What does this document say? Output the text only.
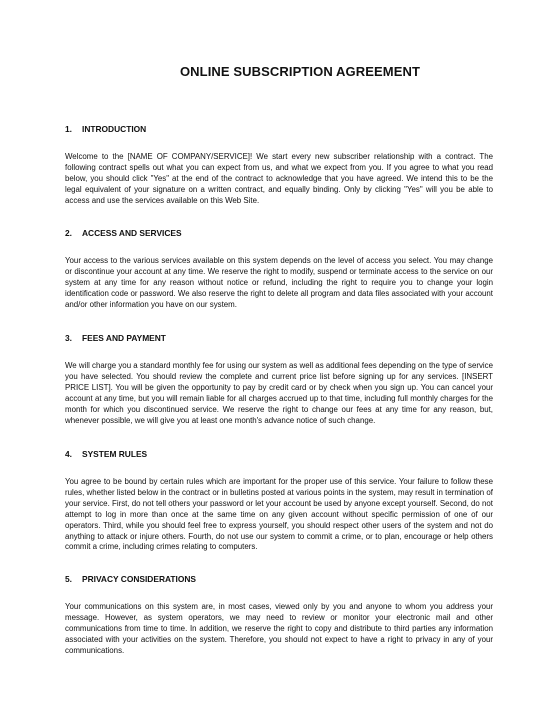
ONLINE SUBSCRIPTION AGREEMENT
1. INTRODUCTION

Welcome to the [NAME OF COMPANY/SERVICE]! We start every new subscriber relationship with a contract. The following contract spells out what you can expect from us, and what we expect from you. If you agree to what you read below, you should click "Yes" at the end of the contract to acknowledge that you have agreed. We intend this to be the legal equivalent of your signature on a written contract, and equally binding. Only by clicking "Yes" will you be able to access and use the services available on this Web Site.

2. ACCESS AND SERVICES

Your access to the various services available on this system depends on the level of access you select. You may change or discontinue your account at any time. We reserve the right to modify, suspend or terminate access to the service on our system at any time for any reason without notice or refund, including the right to require you to change your login identification code or password. We also reserve the right to delete all program and data files associated with your account and/or other information you have on our system.

3. FEES AND PAYMENT

We will charge you a standard monthly fee for using our system as well as additional fees depending on the type of service you have selected. You should review the complete and current price list before signing up for any services. [INSERT PRICE LIST]. You will be given the opportunity to pay by credit card or by check when you sign up. You can cancel your account at any time, but you will remain liable for all charges accrued up to that time, including full monthly charges for the month for which you discontinued service. We reserve the right to change our fees at any time for any reason, but, whenever possible, we will give you at least one month's advance notice of such change.

4. SYSTEM RULES

You agree to be bound by certain rules which are important for the proper use of this service. Your failure to follow these rules, whether listed below in the contract or in bulletins posted at various points in the system, may result in termination of your service. First, do not tell others your password or let your account be used by anyone except yourself. Second, do not attempt to log in more than once at the same time on any given account without specific permission of one of our operators. Third, while you should feel free to express yourself, you should respect other users of the system and not do anything to attack or injure others. Fourth, do not use our system to commit a crime, or to plan, encourage or help others commit a crime, including crimes relating to computers.

5. PRIVACY CONSIDERATIONS

Your communications on this system are, in most cases, viewed only by you and anyone to whom you address your message. However, as system operators, we may need to review or monitor your electronic mail and other communications from time to time. In addition, we reserve the right to copy and distribute to third parties any information associated with your activities on the system. Therefore, you should not expect to have a right to privacy in any of your communications.
